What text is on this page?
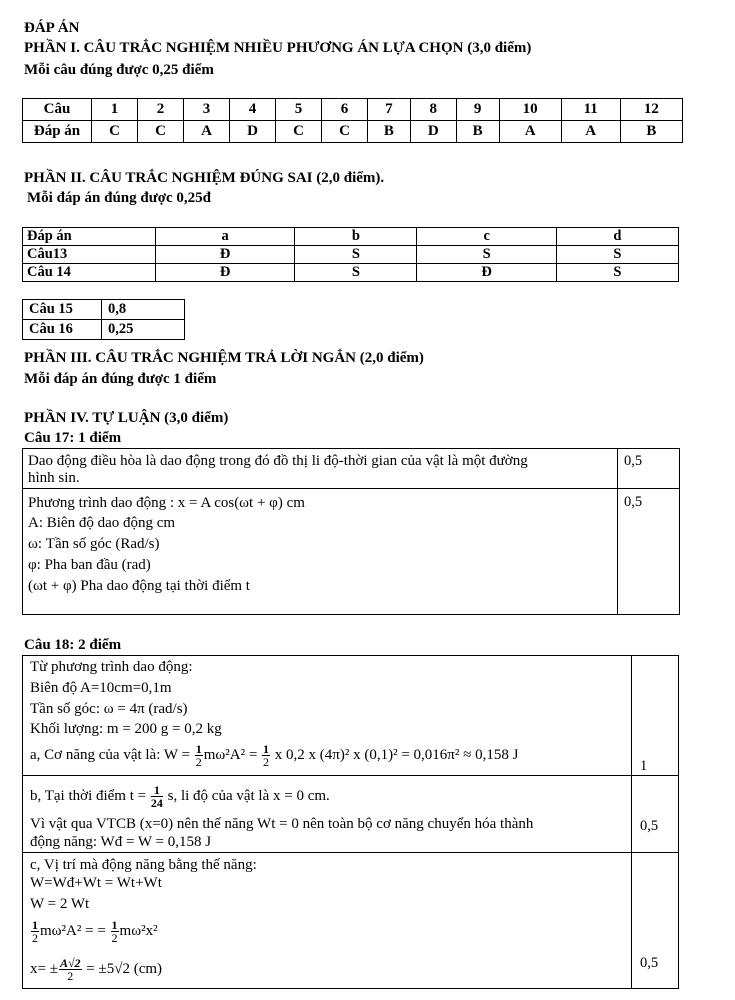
ĐÁP ÁN
PHẦN I. CÂU TRẮC NGHIỆM NHIỀU PHƯƠNG ÁN LỰA CHỌN (3,0 điểm)
Mỗi câu đúng được 0,25 điểm
Câu	1	2	3	4	5	6	7	8	9	10	11	12
Đáp án	C	C	A	D	C	C	B	D	B	A	A	B
PHẦN II. CÂU TRẮC NGHIỆM ĐÚNG SAI (2,0 điểm).
Mỗi đáp án đúng được 0,25đ
Đáp án	a	b	c	d
Câu13	Đ	S	S	S
Câu 14	Đ	S	Đ	S
Câu 15	0,8
Câu 16	0,25
PHẦN III. CÂU TRẮC NGHIỆM TRẢ LỜI NGẮN (2,0 điểm)
Mỗi đáp án đúng được 1 điểm
PHẦN IV. TỰ LUẬN (3,0 điểm)
Câu 17: 1 điểm
Dao động điều hòa là dao động trong đó đồ thị li độ-thời gian của vật là một đường
hình sin.
0,5
Phương trình dao động : x = A cos(ωt + φ) cm
A: Biên độ dao động cm
ω: Tần số góc (Rad/s)
φ: Pha ban đầu (rad)
(ωt + φ) Pha dao động tại thời điểm t
0,5
Câu 18: 2 điểm
Từ phương trình dao động:
Biên độ A=10cm=0,1m
Tần số góc: ω = 4π (rad/s)
Khối lượng: m = 200 g = 0,2 kg
a, Cơ năng của vật là: $W = \frac{1}{2} m\omega^2A^2 = \frac{1}{2}$ x 0,2 x (4π)² x (0,1)² = 0,016π² ≈ 0,158 J
1
b, Tại thời điểm $t = \frac{1}{24} s$, li độ của vật là x = 0 cm.
Vì vật qua VTCB (x=0) nên thế năng Wt = 0 nên toàn bộ cơ năng chuyển hóa thành
động năng: Wđ = W = 0,158 J
0,5
c, Vị trí mà động năng bằng thế năng:
W=Wđ+Wt = Wt+Wt
W = 2 Wt
$\frac{1}{2} m\omega^2A^2$ = = $\frac{1}{2} m\omega^2x^2$
$x= \pm \frac{A√2}{2} = \pm 5√2$ (cm)	0,5
